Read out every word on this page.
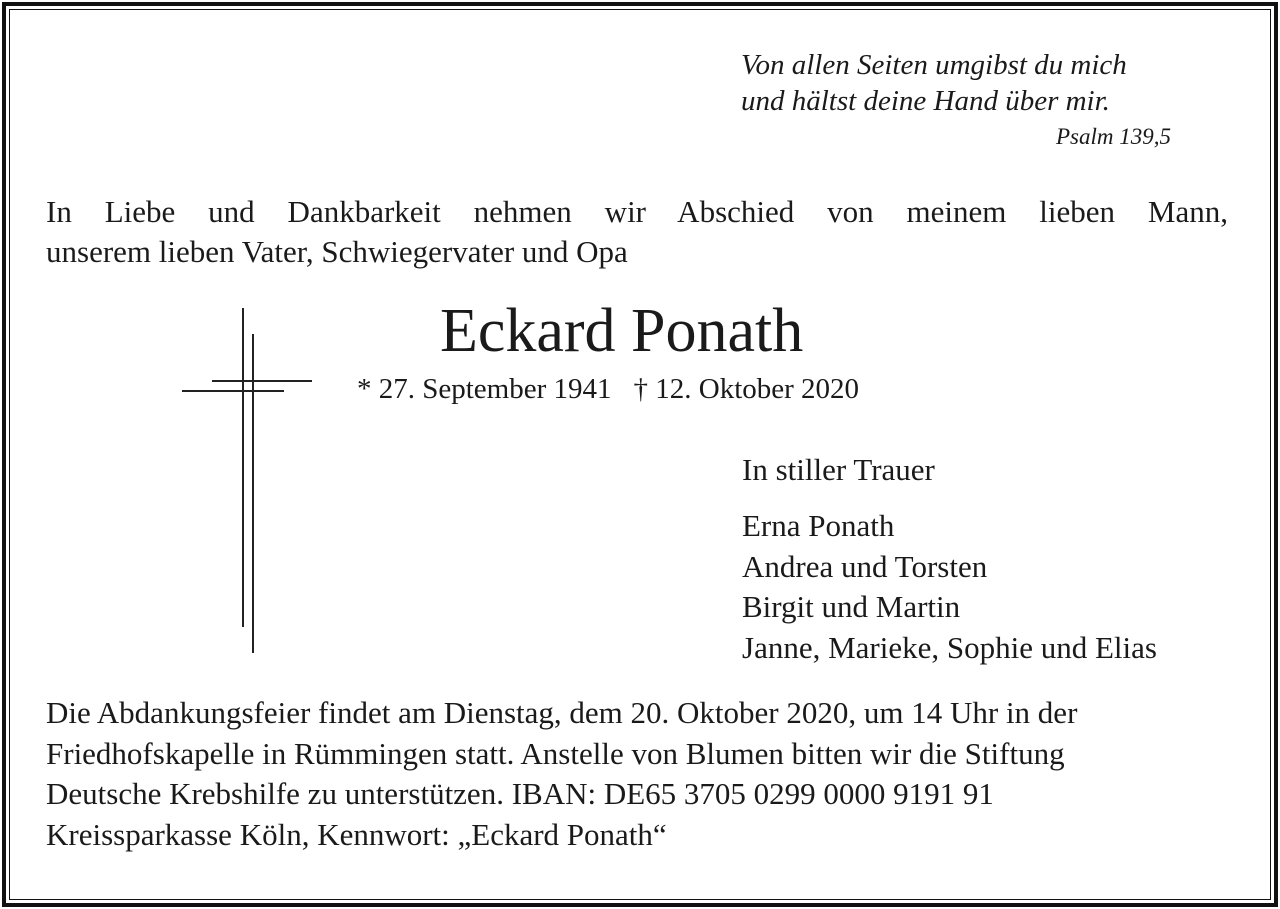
Von allen Seiten umgibst du mich
und hältst deine Hand über mir.

Psalm 139,5

In Liebe und Dankbarkeit nehmen wir Abschied von meinem lieben Mann,
unserem lieben Vater, Schwiegervater und Opa

Eckard Ponath
* 27. September 1941 † 12. Oktober 2020
In stiller Trauer
Erna Ponath
Andrea und Torsten
Birgit und Martin
Janne, Marieke, Sophie und Elias

Die Abdankungsfeier findet am Dienstag, dem 20. Oktober 2020, um 14 Uhr in der
Friedhofskapelle in Rümmingen statt. Anstelle von Blumen bitten wir die Stiftung
Deutsche Krebshilfe zu unterstützen. IBAN: DE65 3705 0299 0000 9191 91
Kreissparkasse Köln, Kennwort: „Eckard Ponath“
